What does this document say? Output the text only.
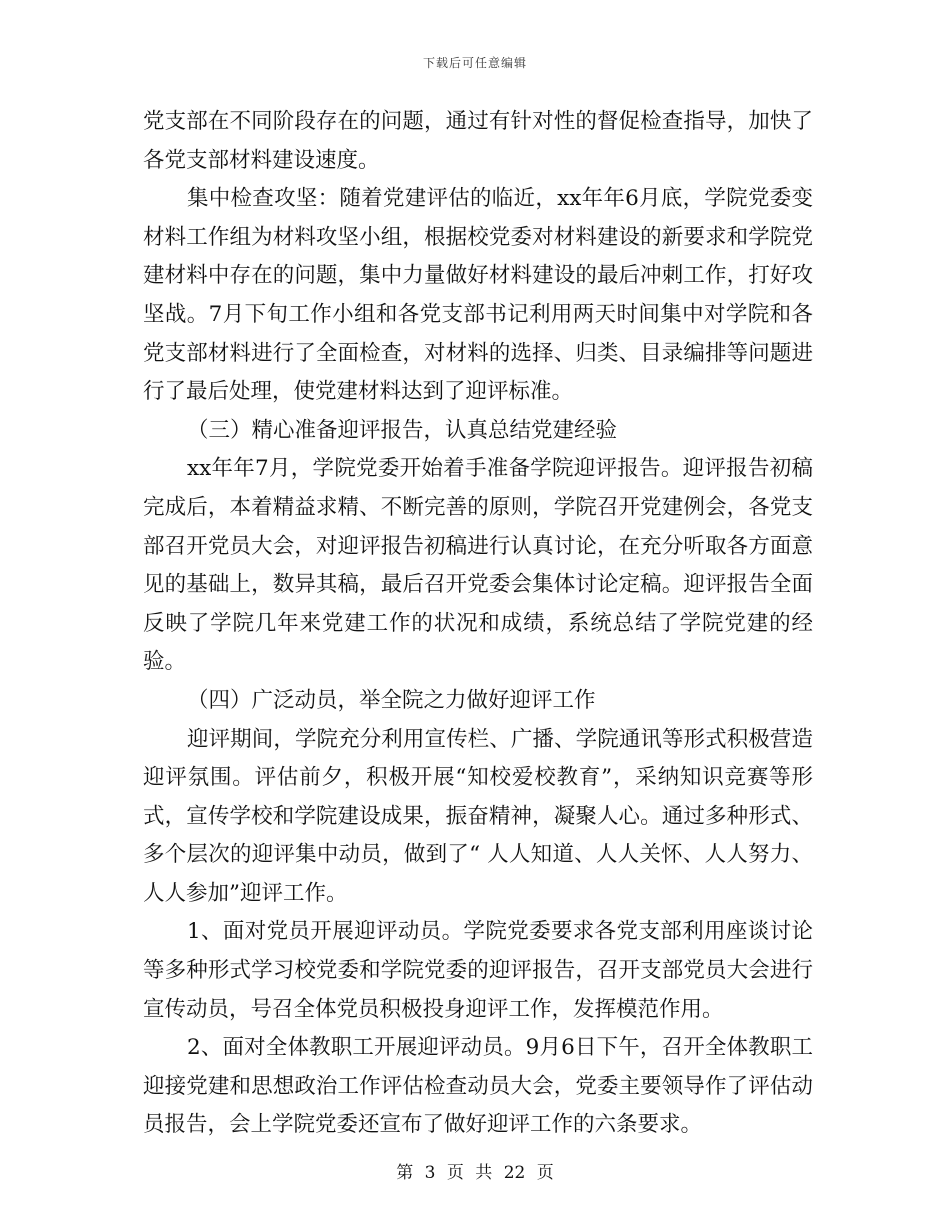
下载后可任意编辑

党支部在不同阶段存在的问题，通过有针对性的督促检查指导，加快了各党支部材料建设速度。

集中检查攻坚：随着党建评估的临近，xx年年6月底，学院党委变材料工作组为材料攻坚小组，根据校党委对材料建设的新要求和学院党建材料中存在的问题，集中力量做好材料建设的最后冲刺工作，打好攻坚战。7月下旬工作小组和各党支部书记利用两天时间集中对学院和各党支部材料进行了全面检查，对材料的选择、归类、目录编排等问题进行了最后处理，使党建材料达到了迎评标准。

（三）精心准备迎评报告，认真总结党建经验

xx年年7月，学院党委开始着手准备学院迎评报告。迎评报告初稿完成后，本着精益求精、不断完善的原则，学院召开党建例会，各党支部召开党员大会，对迎评报告初稿进行认真讨论，在充分听取各方面意见的基础上，数异其稿，最后召开党委会集体讨论定稿。迎评报告全面反映了学院几年来党建工作的状况和成绩，系统总结了学院党建的经验。

（四）广泛动员，举全院之力做好迎评工作

迎评期间，学院充分利用宣传栏、广播、学院通讯等形式积极营造迎评氛围。评估前夕，积极开展“知校爱校教育”，采纳知识竞赛等形式，宣传学校和学院建设成果，振奋精神，凝聚人心。通过多种形式、多个层次的迎评集中动员，做到了“ 人人知道、人人关怀、人人努力、人人参加”迎评工作。

1、面对党员开展迎评动员。学院党委要求各党支部利用座谈讨论等多种形式学习校党委和学院党委的迎评报告，召开支部党员大会进行宣传动员，号召全体党员积极投身迎评工作，发挥模范作用。

2、面对全体教职工开展迎评动员。9月6日下午，召开全体教职工迎接党建和思想政治工作评估检查动员大会，党委主要领导作了评估动员报告，会上学院党委还宣布了做好迎评工作的六条要求。

第 3 页 共 22 页
